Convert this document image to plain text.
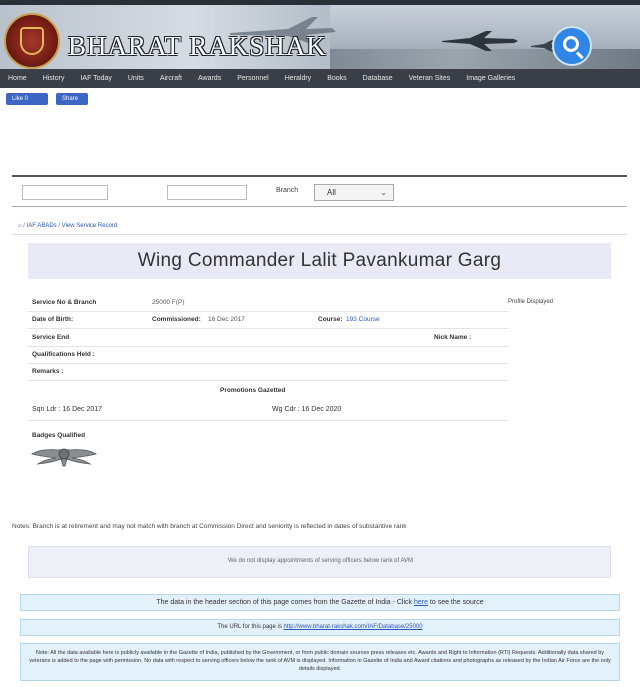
BHARAT RAKSHAK
Home	History	IAF Today	Units	Aircraft	Awards	Personnel	Heraldry	Books	Database	Veteran Sites	Image Galleries
Like 0	Share
Branch	All	⌄
⌂ / IAF ABADs / View Service Record
Wing Commander Lalit Pavankumar Garg
Service No & Branch	25000 F(P)	Profile Displayed
Date of Birth:	Commissioned: 16 Dec 2017	Course: 193 Course
Service End	Nick Name :
Qualifications Held :
Remarks :
Promotions Gazetted
Sqn Ldr : 16 Dec 2017	Wg Cdr : 16 Dec 2020
Badges Qualified
Notes: Branch is at retirement and may not match with branch at Commission Direct and seniority is reflected in dates of substantive rank
We do not display appointments of serving officers below rank of AVM
The data in the header section of this page comes from the Gazette of India - Click here to see the source
The URL for this page is http://www.bharat-rakshak.com/IAF/Database/25000
Note: All the data available here is publicly available in the Gazette of India, published by the Government, or from public domain sources press releases etc. Awards and Right to Information (RTI) Requests. Additionally data shared by veterans is added to the page with permission. No data with respect to serving officers below the rank of AVM is displayed. Information in Gazette of India and Award citations and photographs as released by the Indian Air Force are the only details displayed.
